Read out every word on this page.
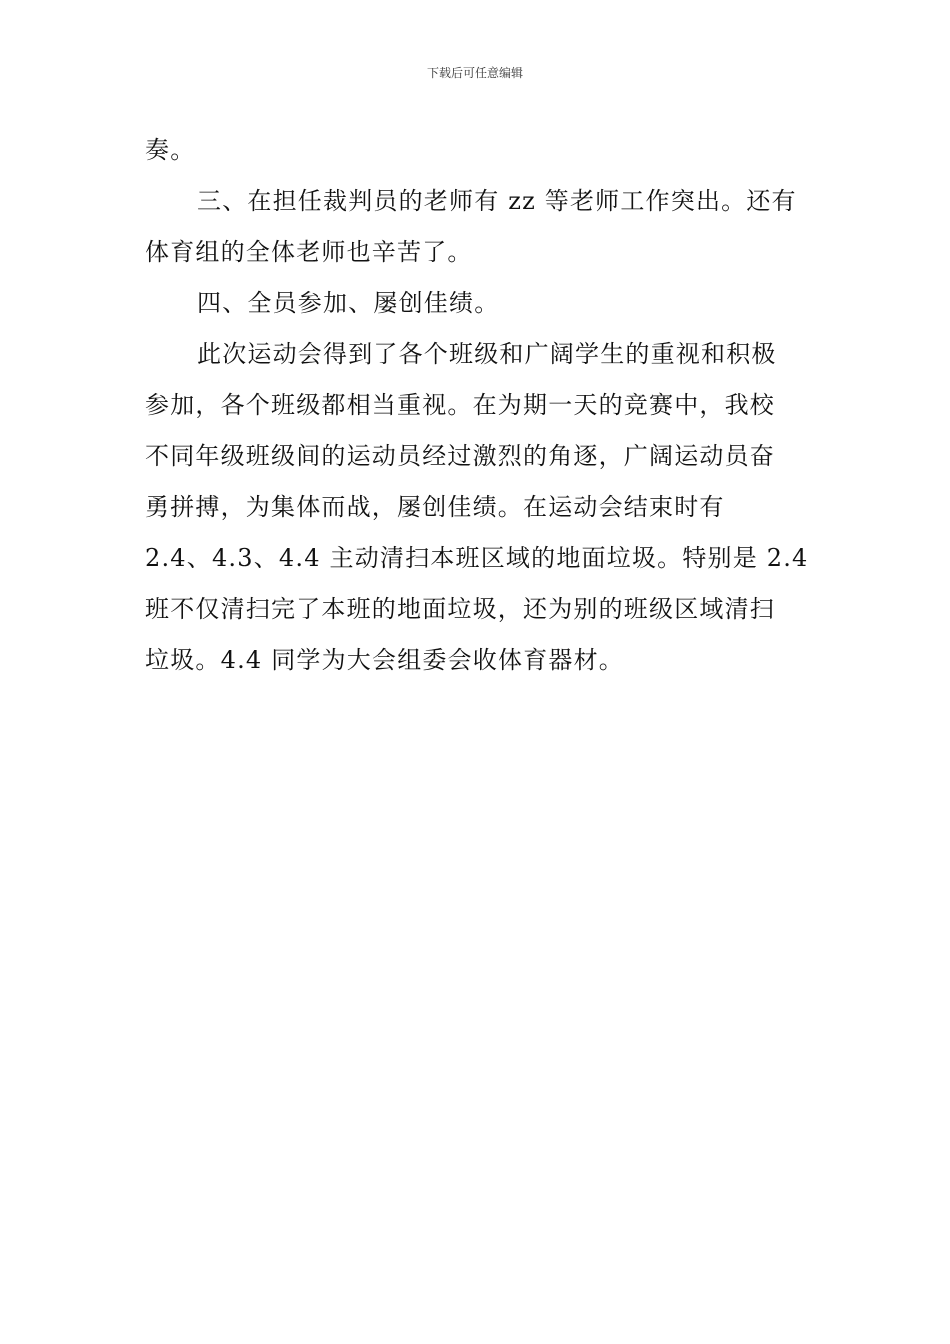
下载后可任意编辑
奏。
三、在担任裁判员的老师有 zz 等老师工作突出。还有
体育组的全体老师也辛苦了。
四、全员参加、屡创佳绩。
此次运动会得到了各个班级和广阔学生的重视和积极
参加，各个班级都相当重视。在为期一天的竞赛中，我校
不同年级班级间的运动员经过激烈的角逐，广阔运动员奋
勇拼搏，为集体而战，屡创佳绩。在运动会结束时有
2.4、4.3、4.4 主动清扫本班区域的地面垃圾。特别是 2.4
班不仅清扫完了本班的地面垃圾，还为别的班级区域清扫
垃圾。4.4 同学为大会组委会收体育器材。
